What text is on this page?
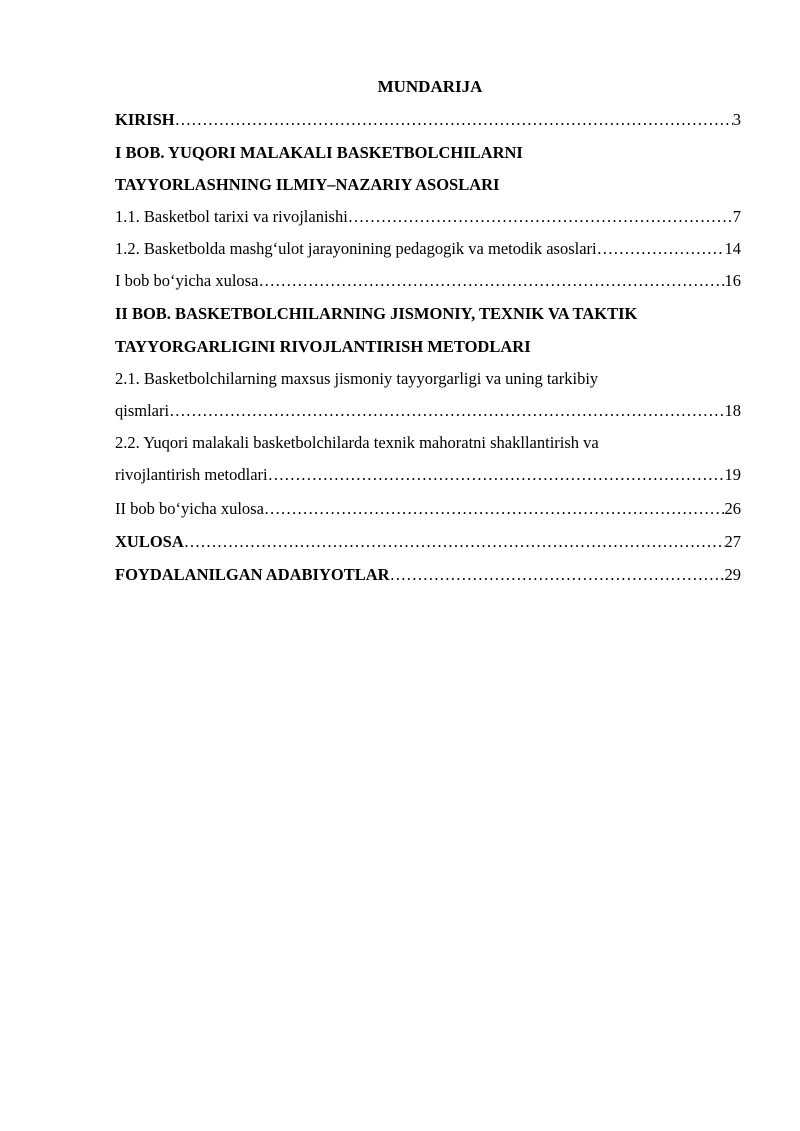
MUNDARIJA
KIRISH …………………………………………………………………………………………………………………………………………	3
I BOB. YUQORI MALAKALI BASKETBOLCHILARNI
TAYYORLASHNING ILMIY–NAZARIY ASOSLARI
1.1. Basketbol tarixi va rivojlanishi …………………………………………………………………………………………………………………………………………	7
1.2. Basketbolda mashg‘ulot jarayonining pedagogik va metodik asoslari …………………………………………………………………………………………………………………………………………	14
I bob bo‘yicha xulosa …………………………………………………………………………………………………………………………………………	16
II BOB. BASKETBOLCHILARNING JISMONIY, TEXNIK VA TAKTIK
TAYYORGARLIGINI RIVOJLANTIRISH METODLARI
2.1. Basketbolchilarning maxsus jismoniy tayyorgarligi va uning tarkibiy
qismlari …………………………………………………………………………………………………………………………………………	18
2.2. Yuqori malakali basketbolchilarda texnik mahoratni shakllantirish va
rivojlantirish metodlari …………………………………………………………………………………………………………………………………………	19
II bob bo‘yicha xulosa …………………………………………………………………………………………………………………………………………	26
XULOSA …………………………………………………………………………………………………………………………………………	27
FOYDALANILGAN ADABIYOTLAR …………………………………………………………………………………………………………………………………………	29
